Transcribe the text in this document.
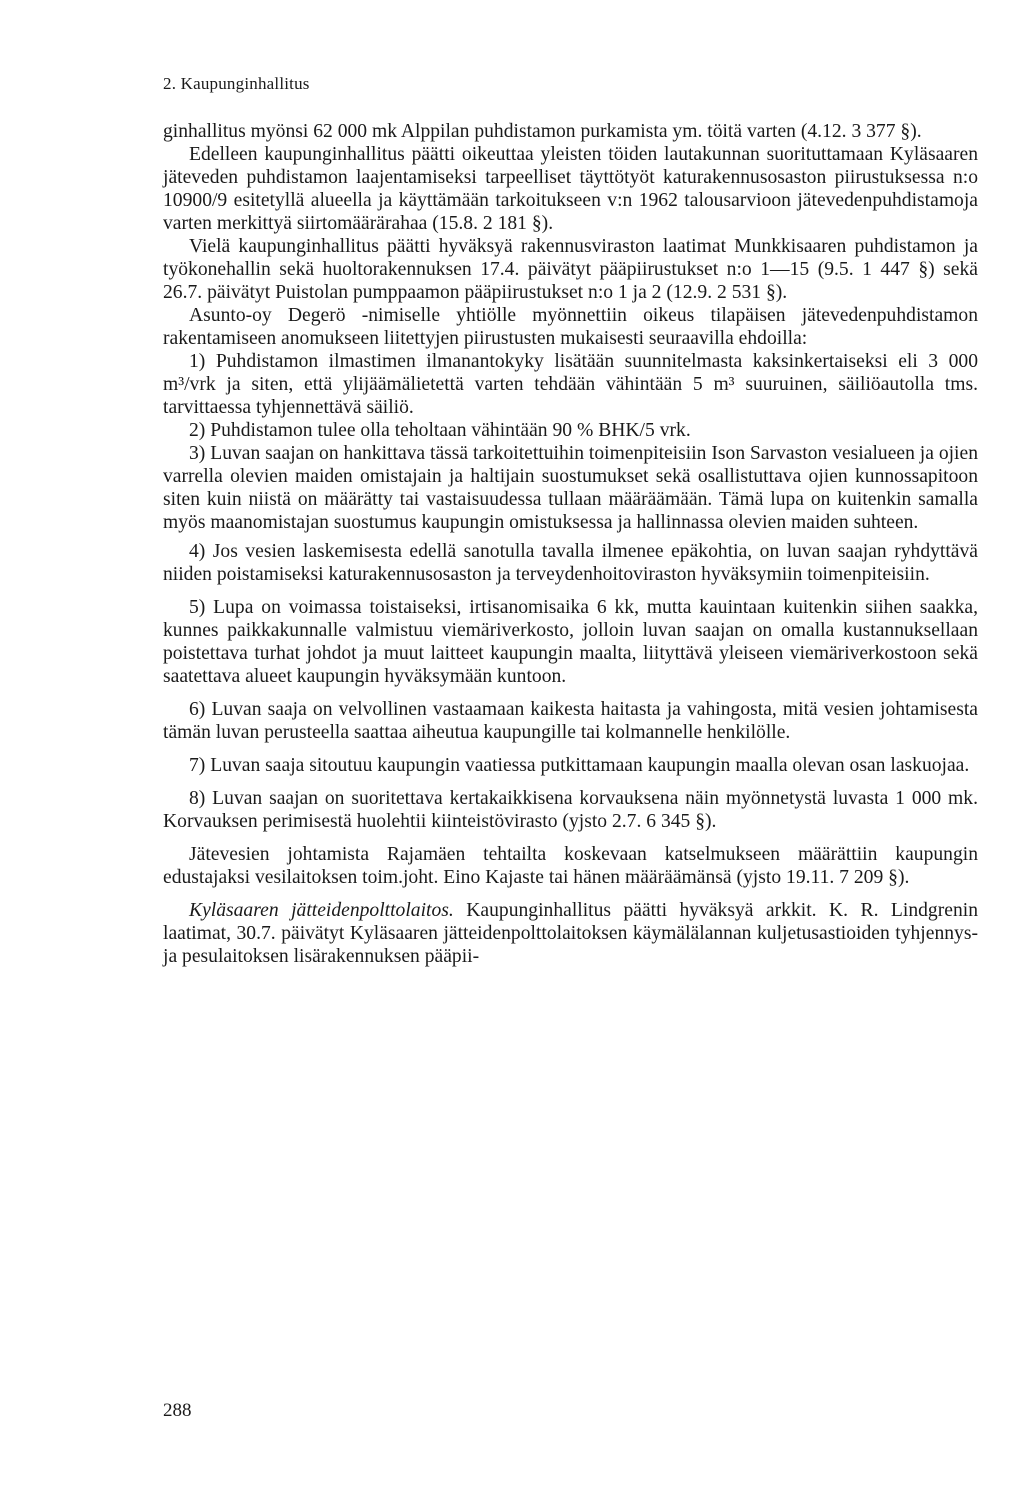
2. Kaupunginhallitus

ginhallitus myönsi 62 000 mk Alppilan puhdistamon purkamista ym. töitä varten (4.12. 3 377 §).

Edelleen kaupunginhallitus päätti oikeuttaa yleisten töiden lautakunnan suorituttamaan Kyläsaaren jäteveden puhdistamon laajentamiseksi tarpeelliset täyttötyöt katurakennusosaston piirustuksessa n:o 10900/9 esitetyllä alueella ja käyttämään tarkoitukseen v:n 1962 talousarvioon jätevedenpuhdistamoja varten merkittyä siirtomäärärahaa (15.8. 2 181 §).

Vielä kaupunginhallitus päätti hyväksyä rakennusviraston laatimat Munkkisaaren puhdistamon ja työkonehallin sekä huoltorakennuksen 17.4. päivätyt pääpiirustukset n:o 1—15 (9.5. 1 447 §) sekä 26.7. päivätyt Puistolan pumppaamon pääpiirustukset n:o 1 ja 2 (12.9. 2 531 §).

Asunto-oy Degerö -nimiselle yhtiölle myönnettiin oikeus tilapäisen jätevedenpuhdistamon rakentamiseen anomukseen liitettyjen piirustusten mukaisesti seuraavilla ehdoilla:

1) Puhdistamon ilmastimen ilmanantokyky lisätään suunnitelmasta kaksinkertaiseksi eli 3 000 m³/vrk ja siten, että ylijäämälietettä varten tehdään vähintään 5 m³ suuruinen, säiliöautolla tms. tarvittaessa tyhjennettävä säiliö.

2) Puhdistamon tulee olla teholtaan vähintään 90 % BHK/5 vrk.

3) Luvan saajan on hankittava tässä tarkoitettuihin toimenpiteisiin Ison Sarvaston vesialueen ja ojien varrella olevien maiden omistajain ja haltijain suostumukset sekä osallistuttava ojien kunnossapitoon siten kuin niistä on määrätty tai vastaisuudessa tullaan määräämään. Tämä lupa on kuitenkin samalla myös maanomistajan suostumus kaupungin omistuksessa ja hallinnassa olevien maiden suhteen.

4) Jos vesien laskemisesta edellä sanotulla tavalla ilmenee epäkohtia, on luvan saajan ryhdyttävä niiden poistamiseksi katurakennusosaston ja terveydenhoitoviraston hyväksymiin toimenpiteisiin.

5) Lupa on voimassa toistaiseksi, irtisanomisaika 6 kk, mutta kauintaan kuitenkin siihen saakka, kunnes paikkakunnalle valmistuu viemäriverkosto, jolloin luvan saajan on omalla kustannuksellaan poistettava turhat johdot ja muut laitteet kaupungin maalta, liityttävä yleiseen viemäriverkostoon sekä saatettava alueet kaupungin hyväksymään kuntoon.

6) Luvan saaja on velvollinen vastaamaan kaikesta haitasta ja vahingosta, mitä vesien johtamisesta tämän luvan perusteella saattaa aiheutua kaupungille tai kolmannelle henkilölle.

7) Luvan saaja sitoutuu kaupungin vaatiessa putkittamaan kaupungin maalla olevan osan laskuojaa.

8) Luvan saajan on suoritettava kertakaikkisena korvauksena näin myönnetystä luvasta 1 000 mk. Korvauksen perimisestä huolehtii kiinteistövirasto (yjsto 2.7. 6 345 §).

Jätevesien johtamista Rajamäen tehtailta koskevaan katselmukseen määrättiin kaupungin edustajaksi vesilaitoksen toim.joht. Eino Kajaste tai hänen määräämänsä (yjsto 19.11. 7 209 §).

Kyläsaaren jätteidenpolttolaitos. Kaupunginhallitus päätti hyväksyä arkkit. K. R. Lindgrenin laatimat, 30.7. päivätyt Kyläsaaren jätteidenpolttolaitoksen käymälälannan kuljetusastioiden tyhjennys- ja pesulaitoksen lisärakennuksen pääpii-

288
